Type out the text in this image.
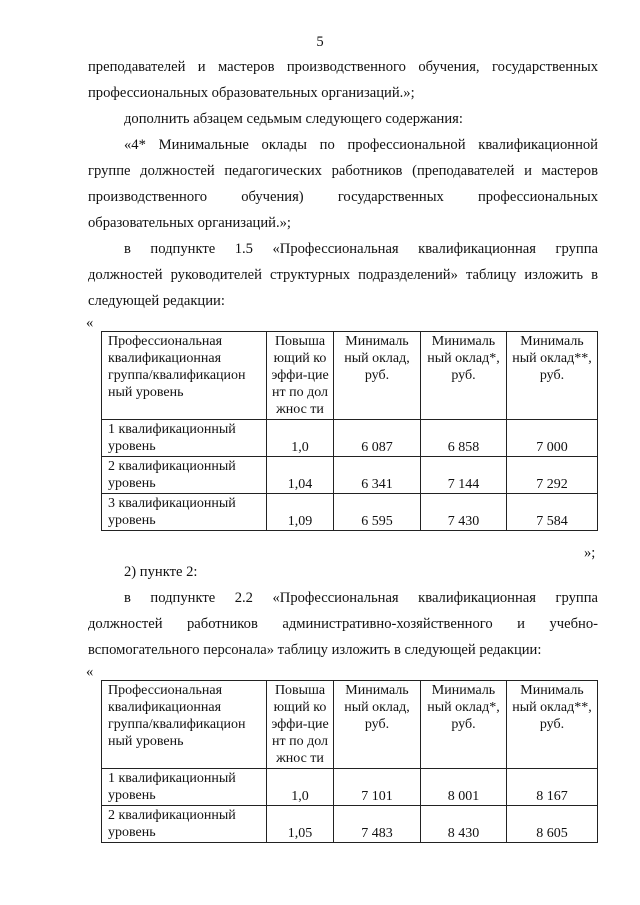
5
преподавателей и мастеров производственного обучения, государственных
профессиональных образовательных организаций.»;
дополнить абзацем седьмым следующего содержания:
«4* Минимальные оклады по профессиональной квалификационной
группе должностей педагогических работников (преподавателей и мастеров
производственного обучения) государственных профессиональных
образовательных организаций.»;
в подпункте 1.5 «Профессиональная квалификационная группа
должностей руководителей структурных подразделений» таблицу изложить в
следующей редакции:
«
Профессиональная квалификационная группа/квалификацион ный уровень	Повыша ющий коэффи-циент по должнос ти	Минималь ный оклад, руб.	Минималь ный оклад*, руб.	Минималь ный оклад**, руб.
1 квалификационный уровень	1,0	6 087	6 858	7 000
2 квалификационный уровень	1,04	6 341	7 144	7 292
3 квалификационный уровень	1,09	6 595	7 430	7 584
»;
2) пункте 2:
в подпункте 2.2 «Профессиональная квалификационная группа
должностей работников административно-хозяйственного и учебно-
вспомогательного персонала» таблицу изложить в следующей редакции:
«
Профессиональная квалификационная группа/квалификацион ный уровень	Повыша ющий коэффи-циент по должнос ти	Минималь ный оклад, руб.	Минималь ный оклад*, руб.	Минималь ный оклад**, руб.
1 квалификационный уровень	1,0	7 101	8 001	8 167
2 квалификационный уровень	1,05	7 483	8 430	8 605
